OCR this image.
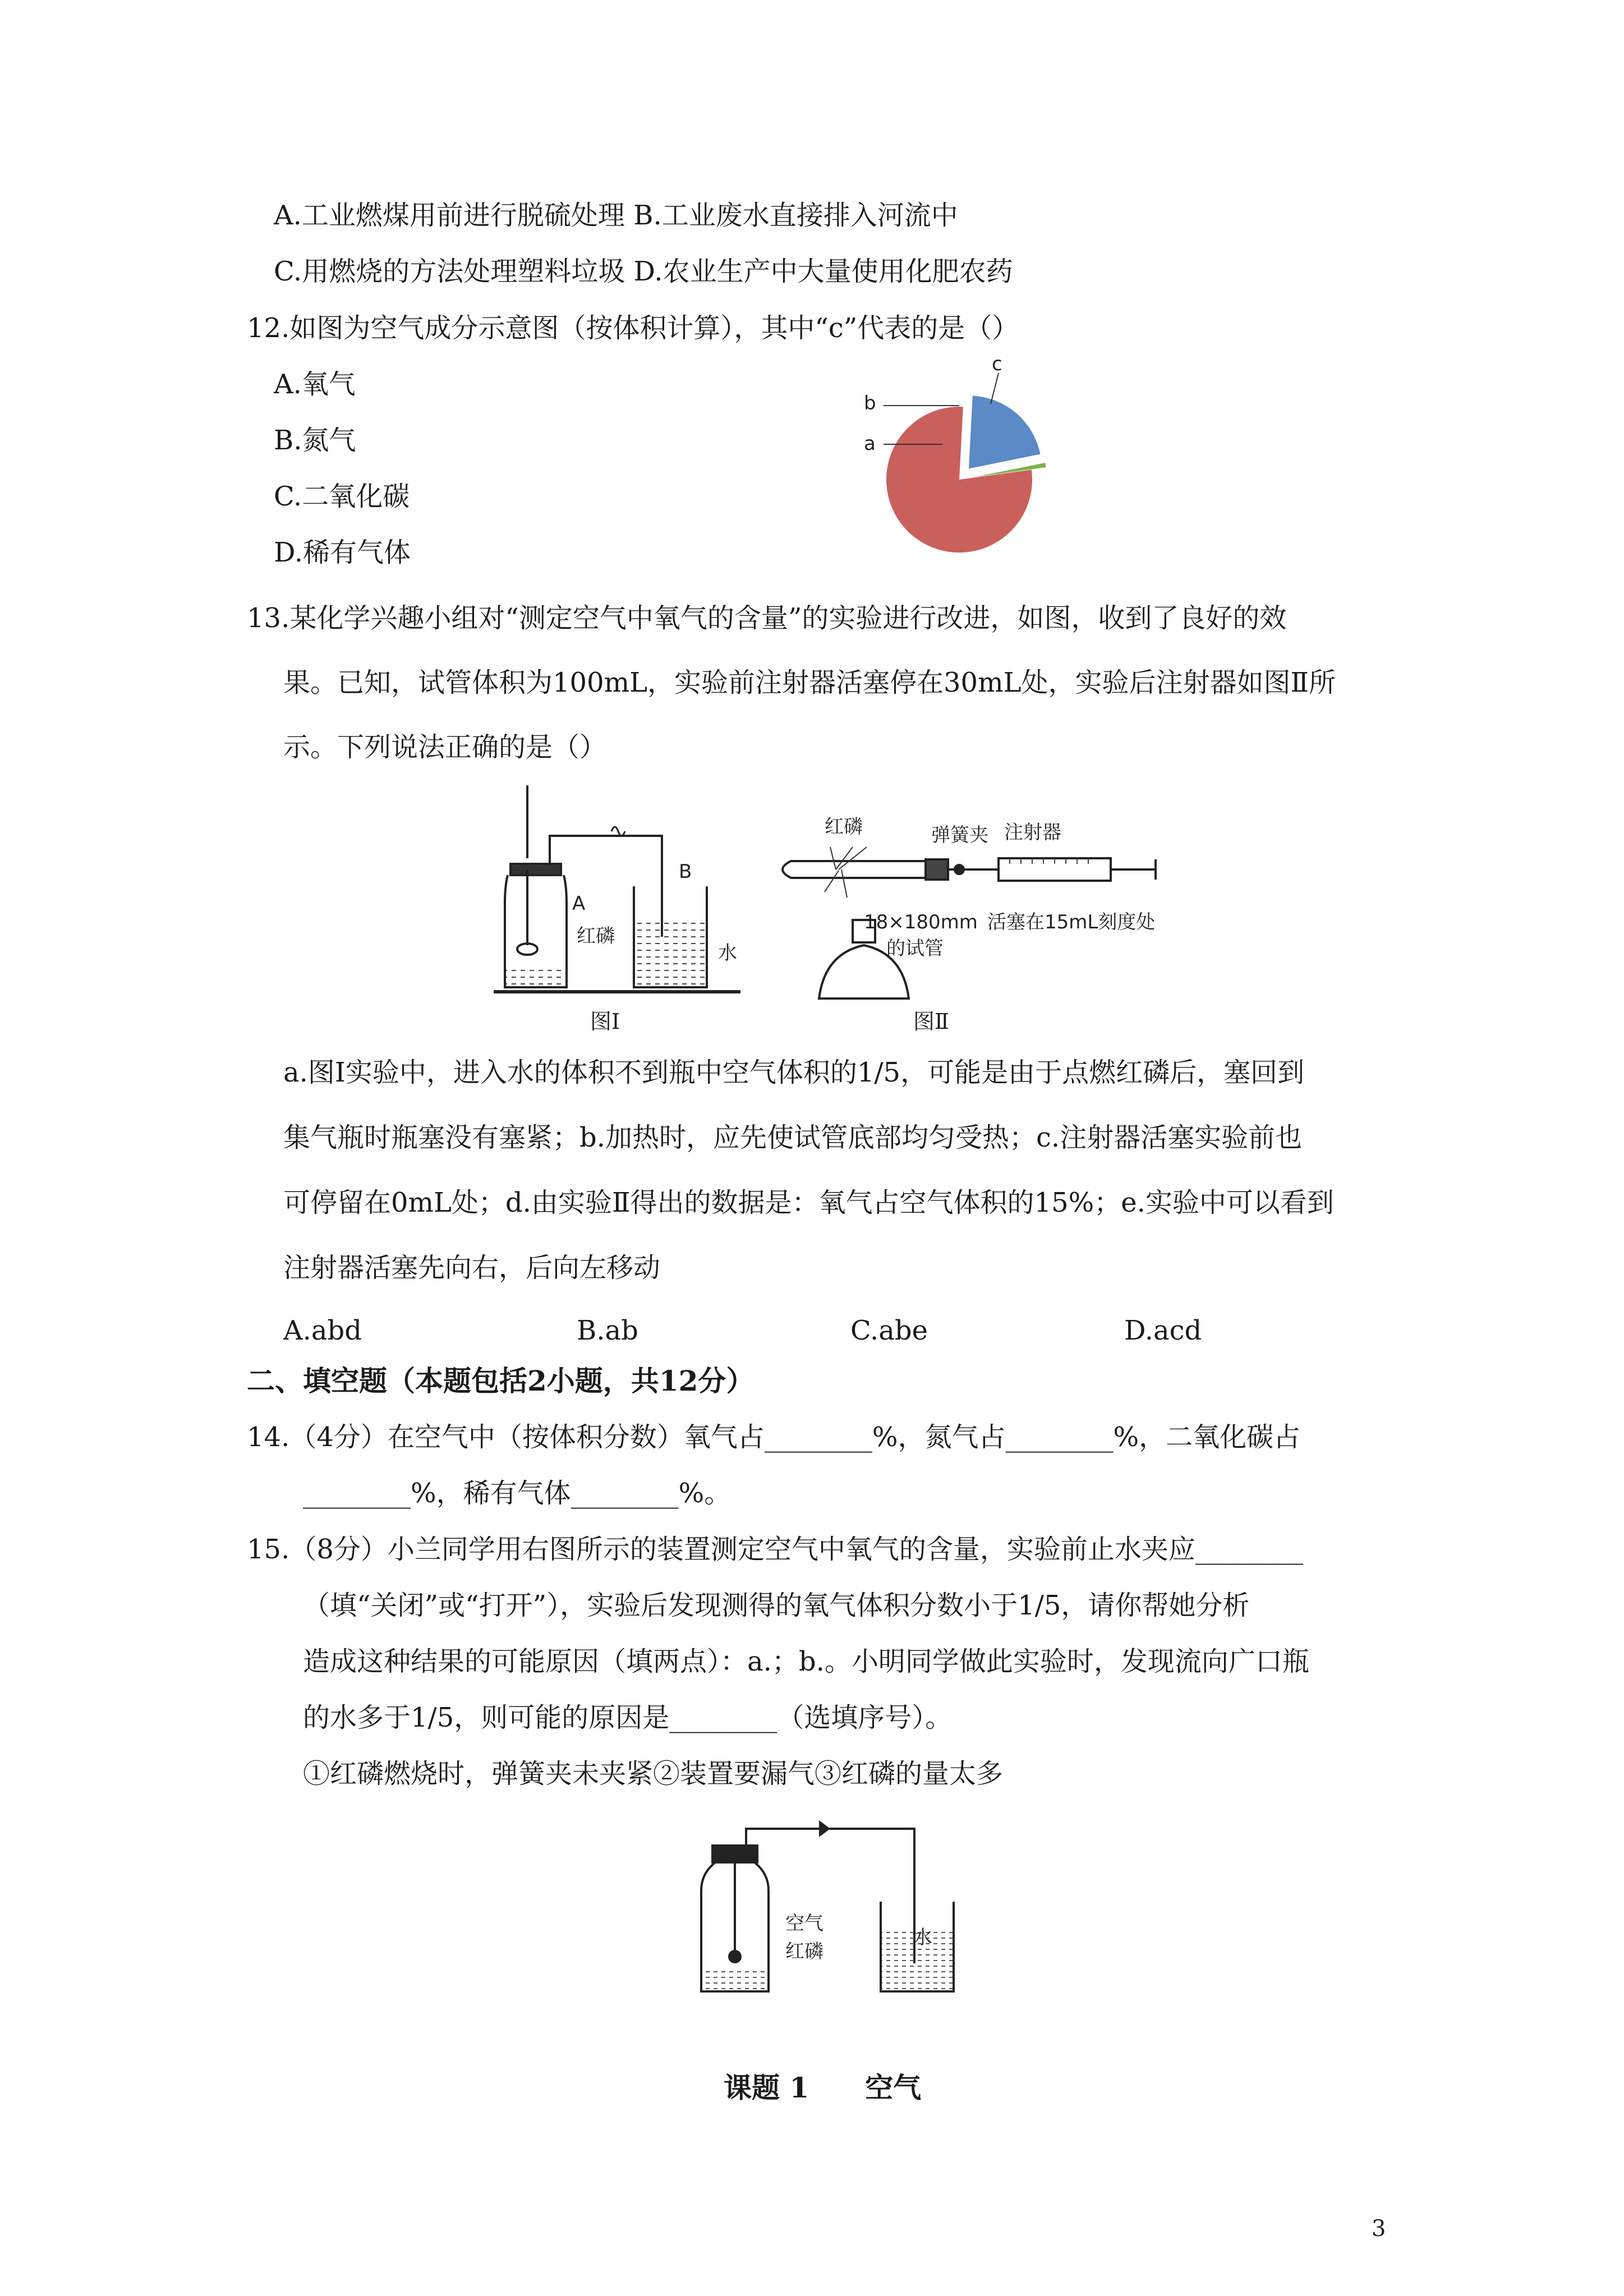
A.工业燃煤用前进行脱硫处理 B.工业废水直接排入河流中
C.用燃烧的方法处理塑料垃圾 D.农业生产中大量使用化肥农药
12.如图为空气成分示意图（按体积计算），其中“c”代表的是（）
A.氧气
B.氮气
C.二氧化碳
D.稀有气体
a
b
c
13.某化学兴趣小组对“测定空气中氧气的含量”的实验进行改进，如图，收到了良好的效
果。已知，试管体积为100mL，实验前注射器活塞停在30mL处，实验后注射器如图Ⅱ所
示。下列说法正确的是（）
A
B
红磷
水
图Ⅰ
红磷	弹簧夹 注射器
18×180mm
的试管
活塞在15mL刻度处
图Ⅱ
a.图Ⅰ实验中，进入水的体积不到瓶中空气体积的1/5，可能是由于点燃红磷后，塞回到
集气瓶时瓶塞没有塞紧；b.加热时，应先使试管底部均匀受热；c.注射器活塞实验前也
可停留在0mL处；d.由实验Ⅱ得出的数据是：氧气占空气体积的15%；e.实验中可以看到
注射器活塞先向右，后向左移动
A.abd	B.ab	C.abe	D.acd
二、填空题（本题包括2小题，共12分）
14.（4分）在空气中（按体积分数）氧气占________%，氮气占________%，二氧化碳占
________%，稀有气体________%。
15.（8分）小兰同学用右图所示的装置测定空气中氧气的含量，实验前止水夹应________
（填“关闭”或“打开”），实验后发现测得的氧气体积分数小于1/5，请你帮她分析
造成这种结果的可能原因（填两点）：a.；b.。小明同学做此实验时，发现流向广口瓶
的水多于1/5，则可能的原因是________（选填序号）。
①红磷燃烧时，弹簧夹未夹紧②装置要漏气③红磷的量太多
空气
红磷
水
课题 1　　空气
3
